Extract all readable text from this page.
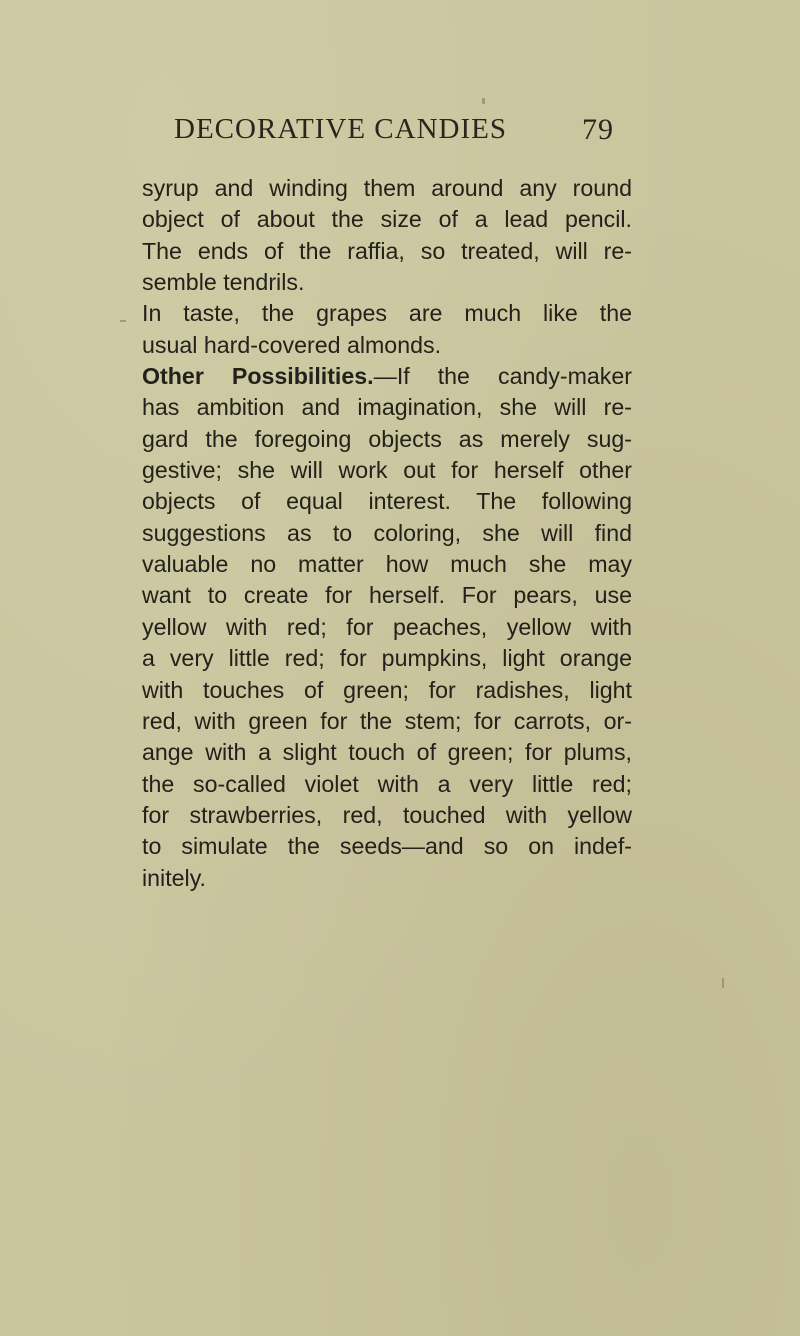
DECORATIVE CANDIES	79
syrup and winding them around any round
object of about the size of a lead pencil.
The ends of the raffia, so treated, will re-
semble tendrils.
In taste, the grapes are much like the
usual hard-covered almonds.
Other Possibilities.—If the candy-maker
has ambition and imagination, she will re-
gard the foregoing objects as merely sug-
gestive; she will work out for herself other
objects of equal interest. The following
suggestions as to coloring, she will find
valuable no matter how much she may
want to create for herself. For pears, use
yellow with red; for peaches, yellow with
a very little red; for pumpkins, light orange
with touches of green; for radishes, light
red, with green for the stem; for carrots, or-
ange with a slight touch of green; for plums,
the so-called violet with a very little red;
for strawberries, red, touched with yellow
to simulate the seeds—and so on indef-
initely.
